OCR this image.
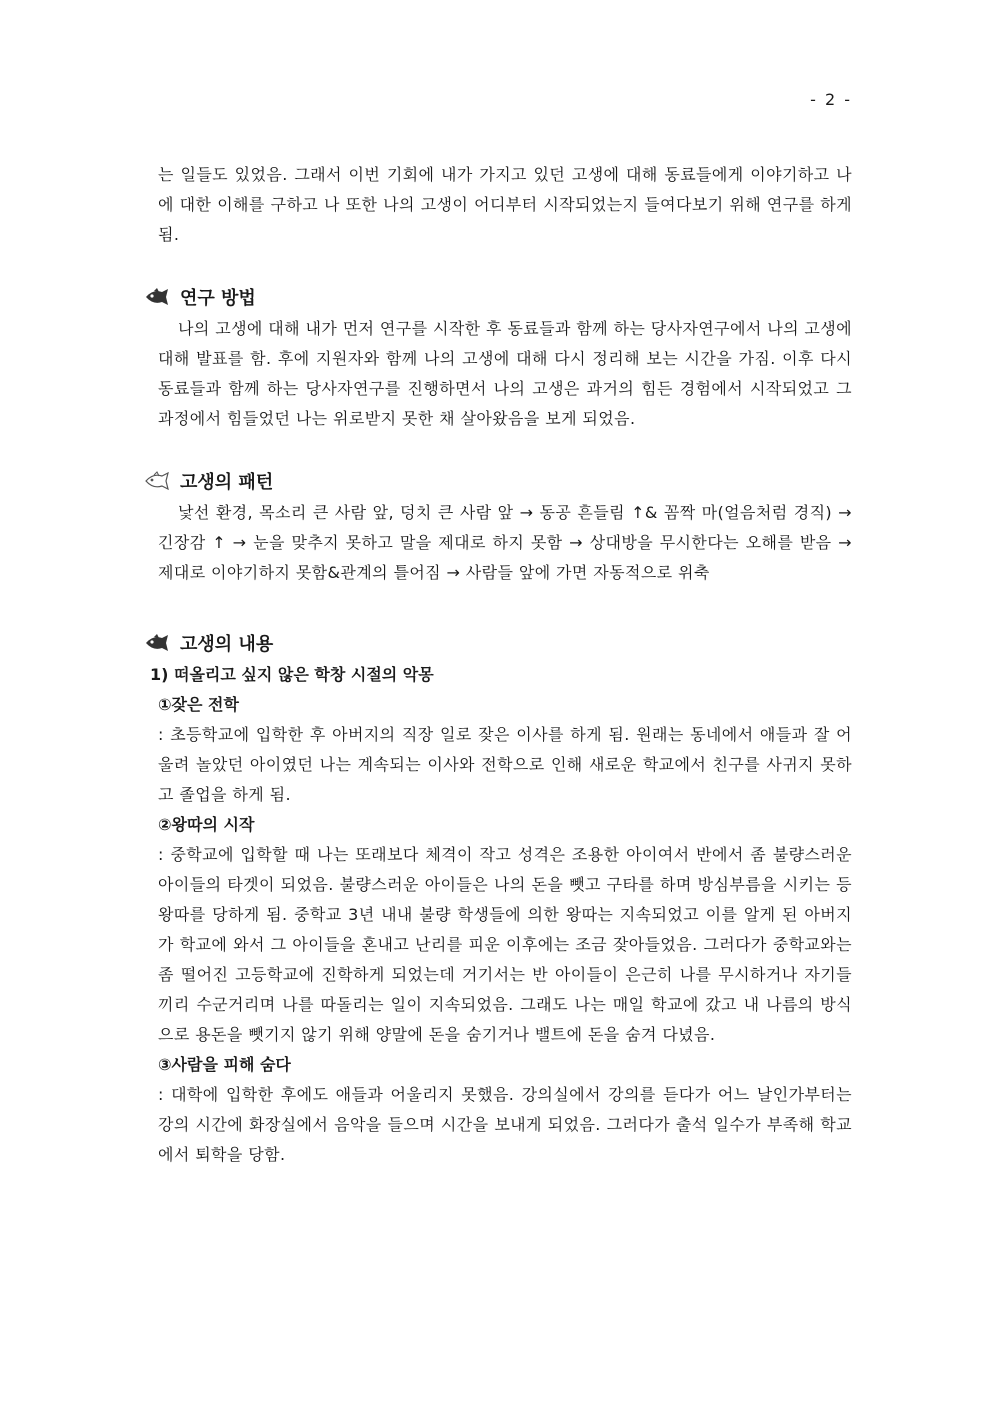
- 2 -

는 일들도 있었음. 그래서 이번 기회에 내가 가지고 있던 고생에 대해 동료들에게 이야기하고 나에 대한 이해를 구하고 나 또한 나의 고생이 어디부터 시작되었는지 들여다보기 위해 연구를 하게 됨.

연구 방법

나의 고생에 대해 내가 먼저 연구를 시작한 후 동료들과 함께 하는 당사자연구에서 나의 고생에 대해 발표를 함. 후에 지원자와 함께 나의 고생에 대해 다시 정리해 보는 시간을 가짐. 이후 다시 동료들과 함께 하는 당사자연구를 진행하면서 나의 고생은 과거의 힘든 경험에서 시작되었고 그 과정에서 힘들었던 나는 위로받지 못한 채 살아왔음을 보게 되었음.

고생의 패턴

낯선 환경, 목소리 큰 사람 앞, 덩치 큰 사람 앞 → 동공 흔들림 ↑& 꼼짝 마(얼음처럼 경직) → 긴장감 ↑ → 눈을 맞추지 못하고 말을 제대로 하지 못함 → 상대방을 무시한다는 오해를 받음 → 제대로 이야기하지 못함&관계의 틀어짐 → 사람들 앞에 가면 자동적으로 위축

고생의 내용
1) 떠올리고 싶지 않은 학창 시절의 악몽
①잦은 전학

: 초등학교에 입학한 후 아버지의 직장 일로 잦은 이사를 하게 됨. 원래는 동네에서 애들과 잘 어울려 놀았던 아이였던 나는 계속되는 이사와 전학으로 인해 새로운 학교에서 친구를 사귀지 못하고 졸업을 하게 됨.

②왕따의 시작

: 중학교에 입학할 때 나는 또래보다 체격이 작고 성격은 조용한 아이여서 반에서 좀 불량스러운 아이들의 타겟이 되었음. 불량스러운 아이들은 나의 돈을 뺏고 구타를 하며 방심부름을 시키는 등 왕따를 당하게 됨. 중학교 3년 내내 불량 학생들에 의한 왕따는 지속되었고 이를 알게 된 아버지가 학교에 와서 그 아이들을 혼내고 난리를 피운 이후에는 조금 잦아들었음. 그러다가 중학교와는 좀 떨어진 고등학교에 진학하게 되었는데 거기서는 반 아이들이 은근히 나를 무시하거나 자기들끼리 수군거리며 나를 따돌리는 일이 지속되었음. 그래도 나는 매일 학교에 갔고 내 나름의 방식으로 용돈을 뺏기지 않기 위해 양말에 돈을 숨기거나 밸트에 돈을 숨겨 다녔음.

③사람을 피해 숨다

: 대학에 입학한 후에도 애들과 어울리지 못했음. 강의실에서 강의를 듣다가 어느 날인가부터는 강의 시간에 화장실에서 음악을 들으며 시간을 보내게 되었음. 그러다가 출석 일수가 부족해 학교에서 퇴학을 당함.
